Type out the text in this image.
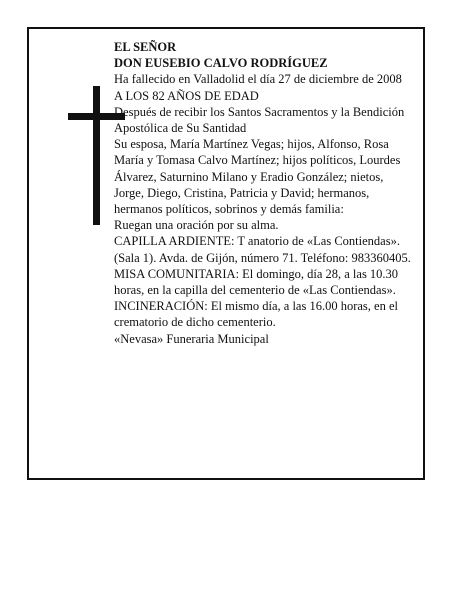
EL SEÑOR

DON EUSEBIO CALVO RODRÍGUEZ

Ha fallecido en Valladolid el día 27 de diciembre de 2008

A LOS 82 AÑOS DE EDAD

Después de recibir los Santos Sacramentos y la Bendición Apostólica de Su Santidad

Su esposa, María Martínez Vegas; hijos, Alfonso, Rosa María y Tomasa Calvo Martínez; hijos políticos, Lourdes Álvarez, Saturnino Milano y Eradio González; nietos, Jorge, Diego, Cristina, Patricia y David; hermanos, hermanos políticos, sobrinos y demás familia:

Ruegan una oración por su alma.

CAPILLA ARDIENTE: T anatorio de «Las Contiendas». (Sala 1). Avda. de Gijón, número 71. Teléfono: 983360405.

MISA COMUNITARIA: El domingo, día 28, a las 10.30 horas, en la capilla del cementerio de «Las Contiendas».

INCINERACIÓN: El mismo día, a las 16.00 horas, en el crematorio de dicho cementerio.

«Nevasa» Funeraria Municipal
